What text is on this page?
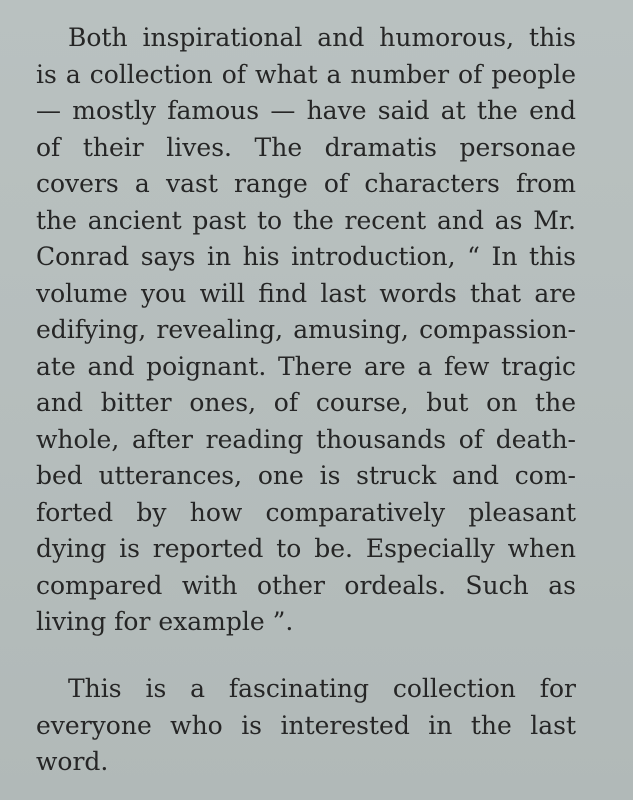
Both inspirational and humorous, this
is a collection of what a number of people
— mostly famous — have said at the end
of their lives. The dramatis personae
covers a vast range of characters from
the ancient past to the recent and as Mr.
Conrad says in his introduction, “ In this
volume you will find last words that are
edifying, revealing, amusing, compassion-
ate and poignant. There are a few tragic
and bitter ones, of course, but on the
whole, after reading thousands of death-
bed utterances, one is struck and com-
forted by how comparatively pleasant
dying is reported to be. Especially when
compared with other ordeals. Such as
living for example ”.
This is a fascinating collection for
everyone who is interested in the last
word.
